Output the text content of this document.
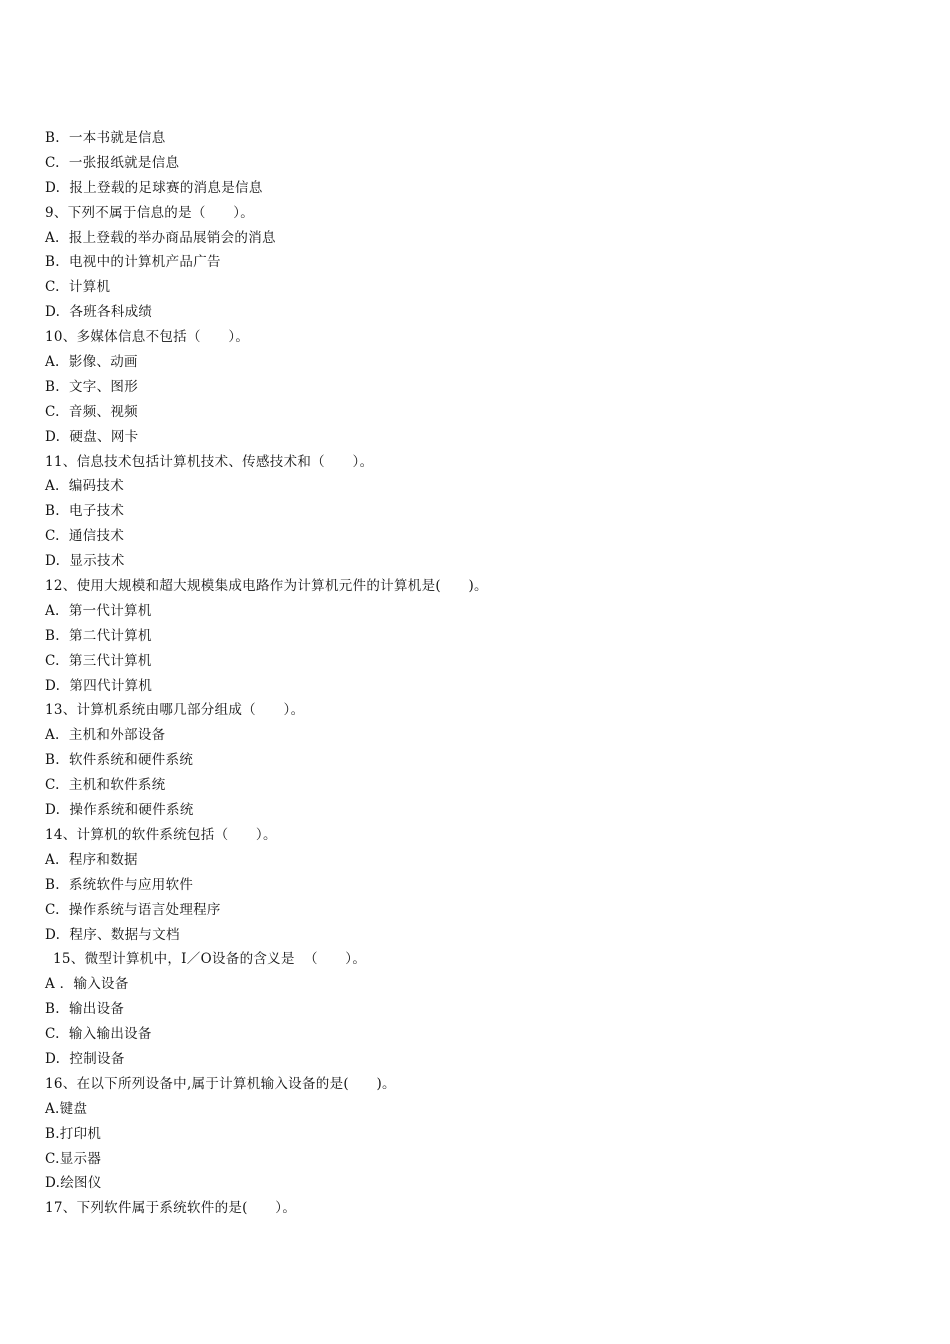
B.  一本书就是信息
C.  一张报纸就是信息
D.  报上登载的足球赛的消息是信息
9、下列不属于信息的是（      ）。
A.  报上登载的举办商品展销会的消息
B.  电视中的计算机产品广告
C.  计算机
D.  各班各科成绩
10、多媒体信息不包括（      ）。
A.  影像、动画
B.  文字、图形
C.  音频、视频
D.  硬盘、网卡
11、信息技术包括计算机技术、传感技术和（      ）。
A.  编码技术
B.  电子技术
C.  通信技术
D.  显示技术
12、使用大规模和超大规模集成电路作为计算机元件的计算机是(      )。
A.  第一代计算机
B.  第二代计算机
C.  第三代计算机
D.  第四代计算机
13、计算机系统由哪几部分组成（      ）。
A.  主机和外部设备
B.  软件系统和硬件系统
C.  主机和软件系统
D.  操作系统和硬件系统
14、计算机的软件系统包括（      ）。
A.  程序和数据
B.  系统软件与应用软件
C.  操作系统与语言处理程序
D.  程序、数据与文档
15、微型计算机中，I／O设备的含义是  （      ）。
A ．输入设备
B.  输出设备
C.  输入输出设备
D.  控制设备
16、在以下所列设备中,属于计算机输入设备的是(      )。
A.键盘
B.打印机
C.显示器
D.绘图仪
17、下列软件属于系统软件的是(      ）。
